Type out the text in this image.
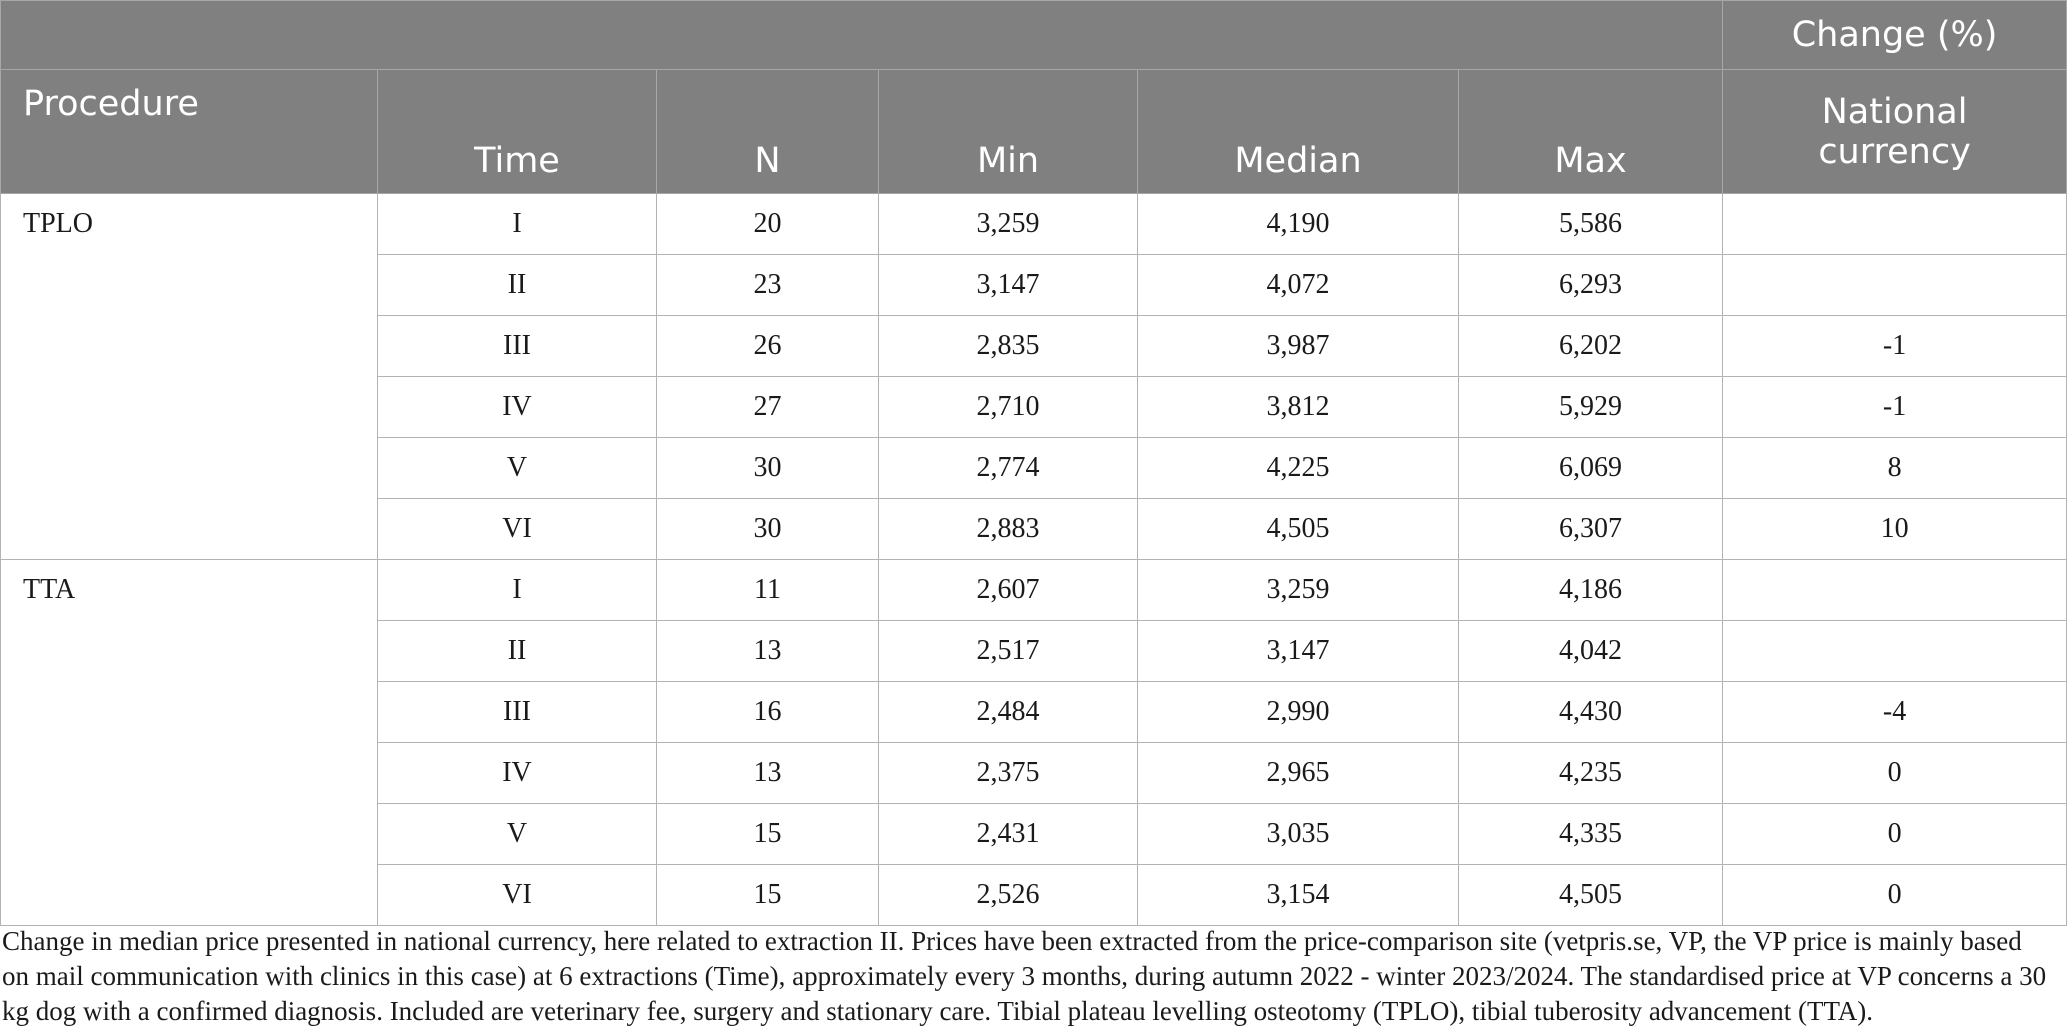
						Change (%)
Procedure	Time	N	Min	Median	Max	National
currency
TPLO	I	20	3,259	4,190	5,586	
	II	23	3,147	4,072	6,293	
	III	26	2,835	3,987	6,202	-1
	IV	27	2,710	3,812	5,929	-1
	V	30	2,774	4,225	6,069	8
	VI	30	2,883	4,505	6,307	10
TTA	I	11	2,607	3,259	4,186	
	II	13	2,517	3,147	4,042	
	III	16	2,484	2,990	4,430	-4
	IV	13	2,375	2,965	4,235	0
	V	15	2,431	3,035	4,335	0
	VI	15	2,526	3,154	4,505	0
Change in median price presented in national currency, here related to extraction II. Prices have been extracted from the price-comparison site (vetpris.se, VP, the VP price is mainly based on mail communication with clinics in this case) at 6 extractions (Time), approximately every 3 months, during autumn 2022 - winter 2023/2024. The standardised price at VP concerns a 30 kg dog with a confirmed diagnosis. Included are veterinary fee, surgery and stationary care. Tibial plateau levelling osteotomy (TPLO), tibial tuberosity advancement (TTA).
